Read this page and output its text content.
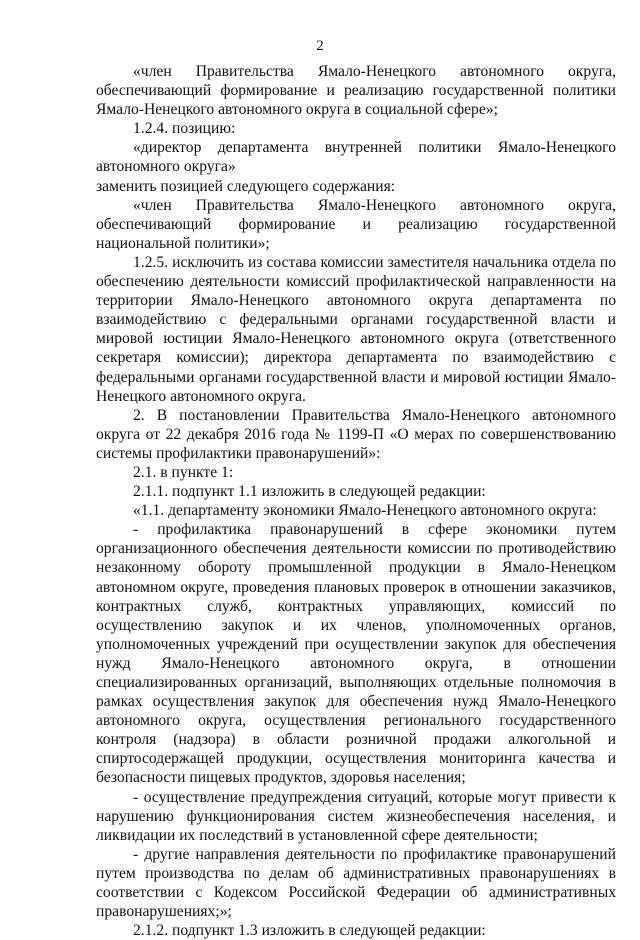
2

«член Правительства Ямало-Ненецкого автономного округа, обеспечивающий формирование и реализацию государственной политики Ямало-Ненецкого автономного округа в социальной сфере»;

1.2.4. позицию:

«директор департамента внутренней политики Ямало-Ненецкого автономного округа»

заменить позицией следующего содержания:

«член Правительства Ямало-Ненецкого автономного округа, обеспечивающий формирование и реализацию государственной национальной политики»;

1.2.5. исключить из состава комиссии заместителя начальника отдела по обеспечению деятельности комиссий профилактической направленности на территории Ямало-Ненецкого автономного округа департамента по взаимодействию с федеральными органами государственной власти и мировой юстиции Ямало-Ненецкого автономного округа (ответственного секретаря комиссии); директора департамента по взаимодействию с федеральными органами государственной власти и мировой юстиции Ямало-Ненецкого автономного округа.

2. В постановлении Правительства Ямало-Ненецкого автономного округа от 22 декабря 2016 года № 1199-П «О мерах по совершенствованию системы профилактики правонарушений»:

2.1. в пункте 1:

2.1.1. подпункт 1.1 изложить в следующей редакции:

«1.1. департаменту экономики Ямало-Ненецкого автономного округа:

- профилактика правонарушений в сфере экономики путем организационного обеспечения деятельности комиссии по противодействию незаконному обороту промышленной продукции в Ямало-Ненецком автономном округе, проведения плановых проверок в отношении заказчиков, контрактных служб, контрактных управляющих, комиссий по осуществлению закупок и их членов, уполномоченных органов, уполномоченных учреждений при осуществлении закупок для обеспечения нужд Ямало-Ненецкого автономного округа, в отношении специализированных организаций, выполняющих отдельные полномочия в рамках осуществления закупок для обеспечения нужд Ямало-Ненецкого автономного округа, осуществления регионального государственного контроля (надзора) в области розничной продажи алкогольной и спиртосодержащей продукции, осуществления мониторинга качества и безопасности пищевых продуктов, здоровья населения;

- осуществление предупреждения ситуаций, которые могут привести к нарушению функционирования систем жизнеобеспечения населения, и ликвидации их последствий в установленной сфере деятельности;

- другие направления деятельности по профилактике правонарушений путем производства по делам об административных правонарушениях в соответствии с Кодексом Российской Федерации об административных правонарушениях;»;

2.1.2. подпункт 1.3 изложить в следующей редакции:
